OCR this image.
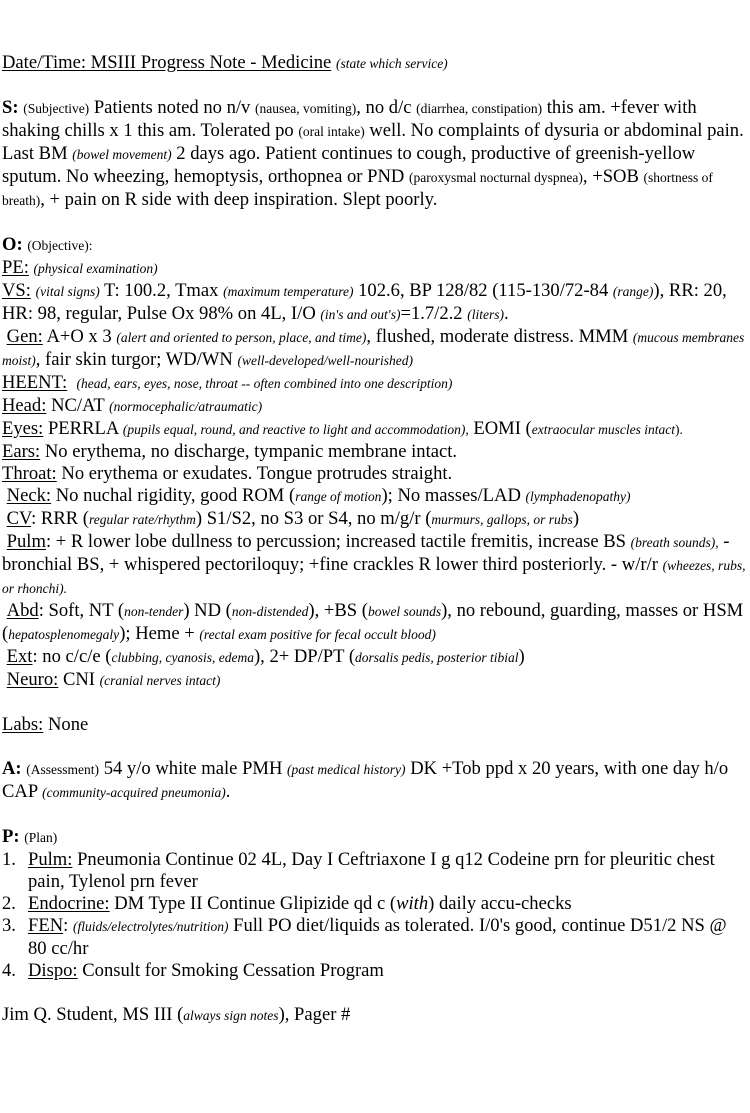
Date/Time: MSIII Progress Note - Medicine (state which service)

S: (Subjective) Patients noted no n/v (nausea, vomiting), no d/c (diarrhea, constipation) this am. +fever with shaking chills x 1 this am. Tolerated po (oral intake) well. No complaints of dysuria or abdominal pain. Last BM (bowel movement) 2 days ago. Patient continues to cough, productive of greenish-yellow sputum. No wheezing, hemoptysis, orthopnea or PND (paroxysmal nocturnal dyspnea), +SOB (shortness of breath), + pain on R side with deep inspiration. Slept poorly.

O: (Objective):

PE: (physical examination)

VS: (vital signs) T: 100.2, Tmax (maximum temperature) 102.6, BP 128/82 (115-130/72-84 (range)), RR: 20, HR: 98, regular, Pulse Ox 98% on 4L, I/O (in's and out's)=1.7/2.2 (liters).

Gen: A+O x 3 (alert and oriented to person, place, and time), flushed, moderate distress. MMM (mucous membranes moist), fair skin turgor; WD/WN (well-developed/well-nourished)

HEENT: (head, ears, eyes, nose, throat -- often combined into one description)

Head: NC/AT (normocephalic/atraumatic)

Eyes: PERRLA (pupils equal, round, and reactive to light and accommodation), EOMI (extraocular muscles intact).

Ears: No erythema, no discharge, tympanic membrane intact.

Throat: No erythema or exudates. Tongue protrudes straight.

Neck: No nuchal rigidity, good ROM (range of motion); No masses/LAD (lymphadenopathy)

CV: RRR (regular rate/rhythm) S1/S2, no S3 or S4, no m/g/r (murmurs, gallops, or rubs)

Pulm: + R lower lobe dullness to percussion; increased tactile fremitis, increase BS (breath sounds), - bronchial BS, + whispered pectoriloquy; +fine crackles R lower third posteriorly. - w/r/r (wheezes, rubs, or rhonchi).

Abd: Soft, NT (non-tender) ND (non-distended), +BS (bowel sounds), no rebound, guarding, masses or HSM (hepatosplenomegaly); Heme + (rectal exam positive for fecal occult blood)

Ext: no c/c/e (clubbing, cyanosis, edema), 2+ DP/PT (dorsalis pedis, posterior tibial)

Neuro: CNI (cranial nerves intact)

Labs: None

A: (Assessment) 54 y/o white male PMH (past medical history) DK +Tob ppd x 20 years, with one day h/o CAP (community-acquired pneumonia).

P: (Plan)

1. Pulm: Pneumonia Continue 02 4L, Day I Ceftriaxone I g q12 Codeine prn for pleuritic chest pain, Tylenol prn fever
2. Endocrine: DM Type II Continue Glipizide qd c (with) daily accu-checks
3. FEN: (fluids/electrolytes/nutrition) Full PO diet/liquids as tolerated. I/0's good, continue D51/2 NS @ 80 cc/hr
4. Dispo: Consult for Smoking Cessation Program

Jim Q. Student, MS III (always sign notes), Pager #
